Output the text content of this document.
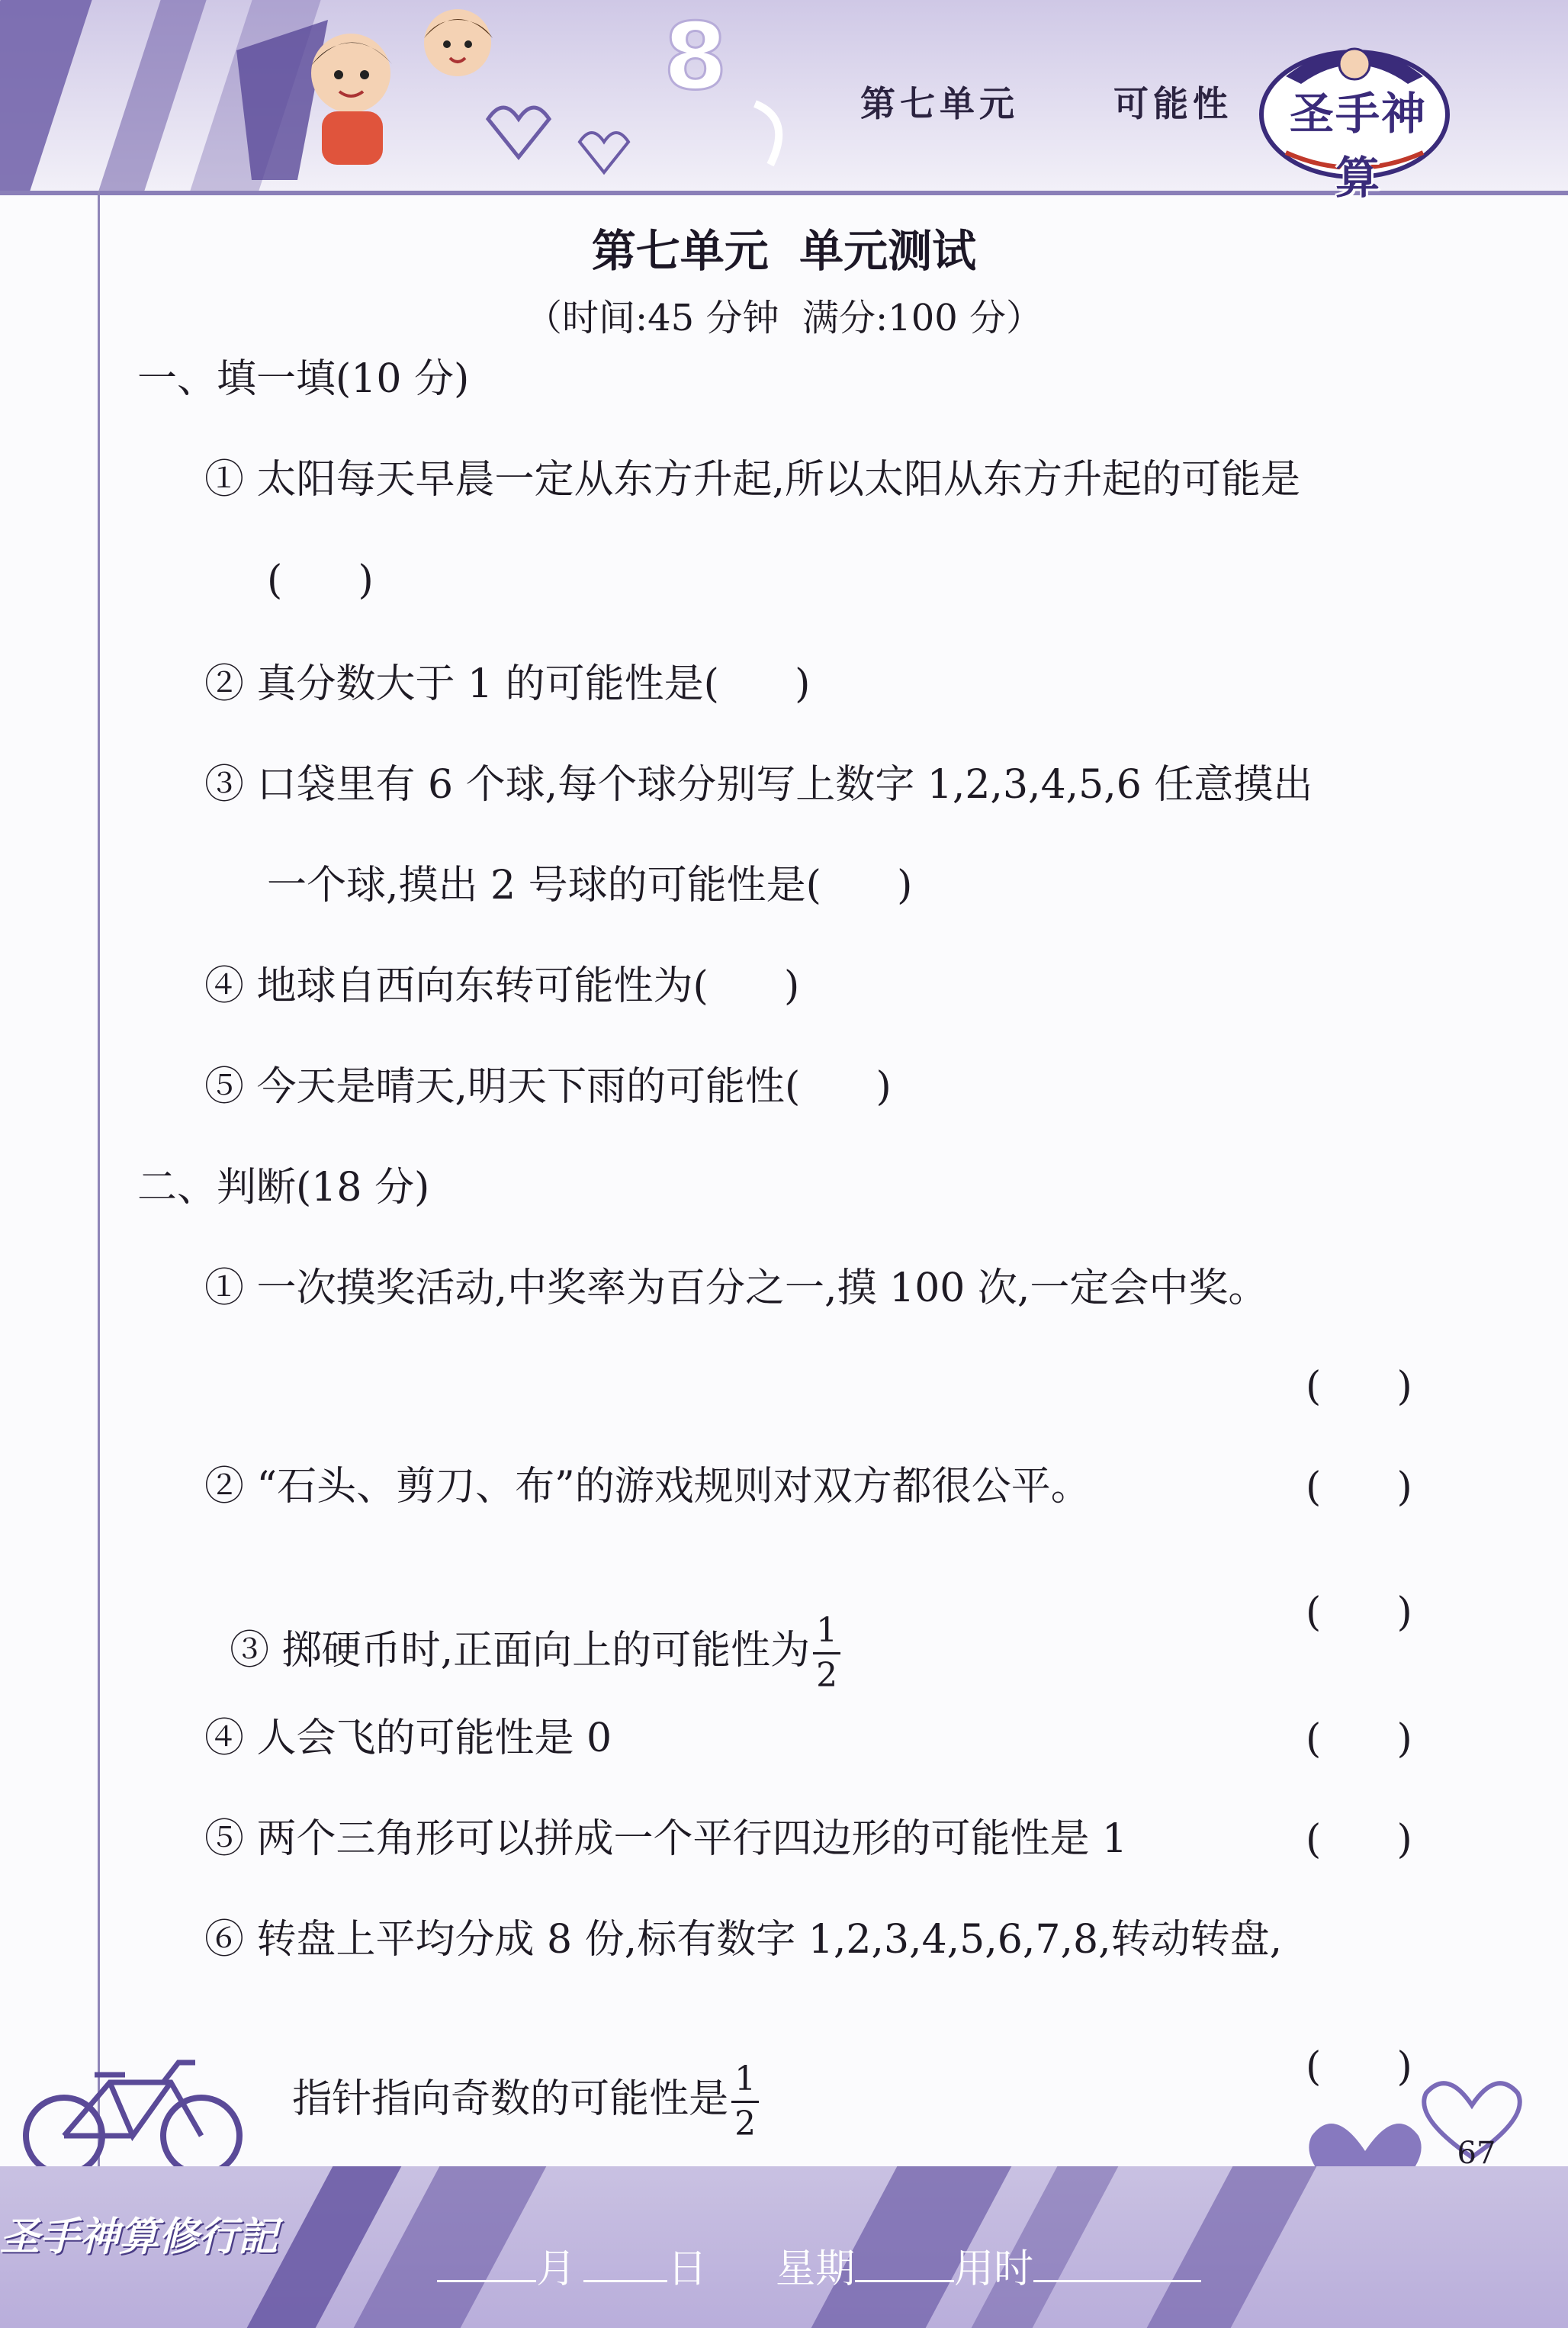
8	第七单元  可能性	圣手神算
第七单元  单元测试
（时间:45 分钟  满分:100 分）
一、填一填(10 分)
① 太阳每天早晨一定从东方升起,所以太阳从东方升起的可能是
(      )
② 真分数大于 1 的可能性是(      )
③ 口袋里有 6 个球,每个球分别写上数字 1,2,3,4,5,6 任意摸出
一个球,摸出 2 号球的可能性是(      )
④ 地球自西向东转可能性为(      )
⑤ 今天是晴天,明天下雨的可能性(      )
二、判断(18 分)
① 一次摸奖活动,中奖率为百分之一,摸 100 次,一定会中奖。
(      )
② “石头、剪刀、布”的游戏规则对双方都很公平。	(      )

③ 掷硬币时,正面向上的可能性为 $\frac{1}{2}$

(      )
④ 人会飞的可能性是 0	(      )
⑤ 两个三角形可以拼成一个平行四边形的可能性是 1	(      )
⑥ 转盘上平均分成 8 份,标有数字 1,2,3,4,5,6,7,8,转动转盘,

指针指向奇数的可能性是 $\frac{1}{2}$	(      )
圣手神算修行記

月 日 星期	用时

67
